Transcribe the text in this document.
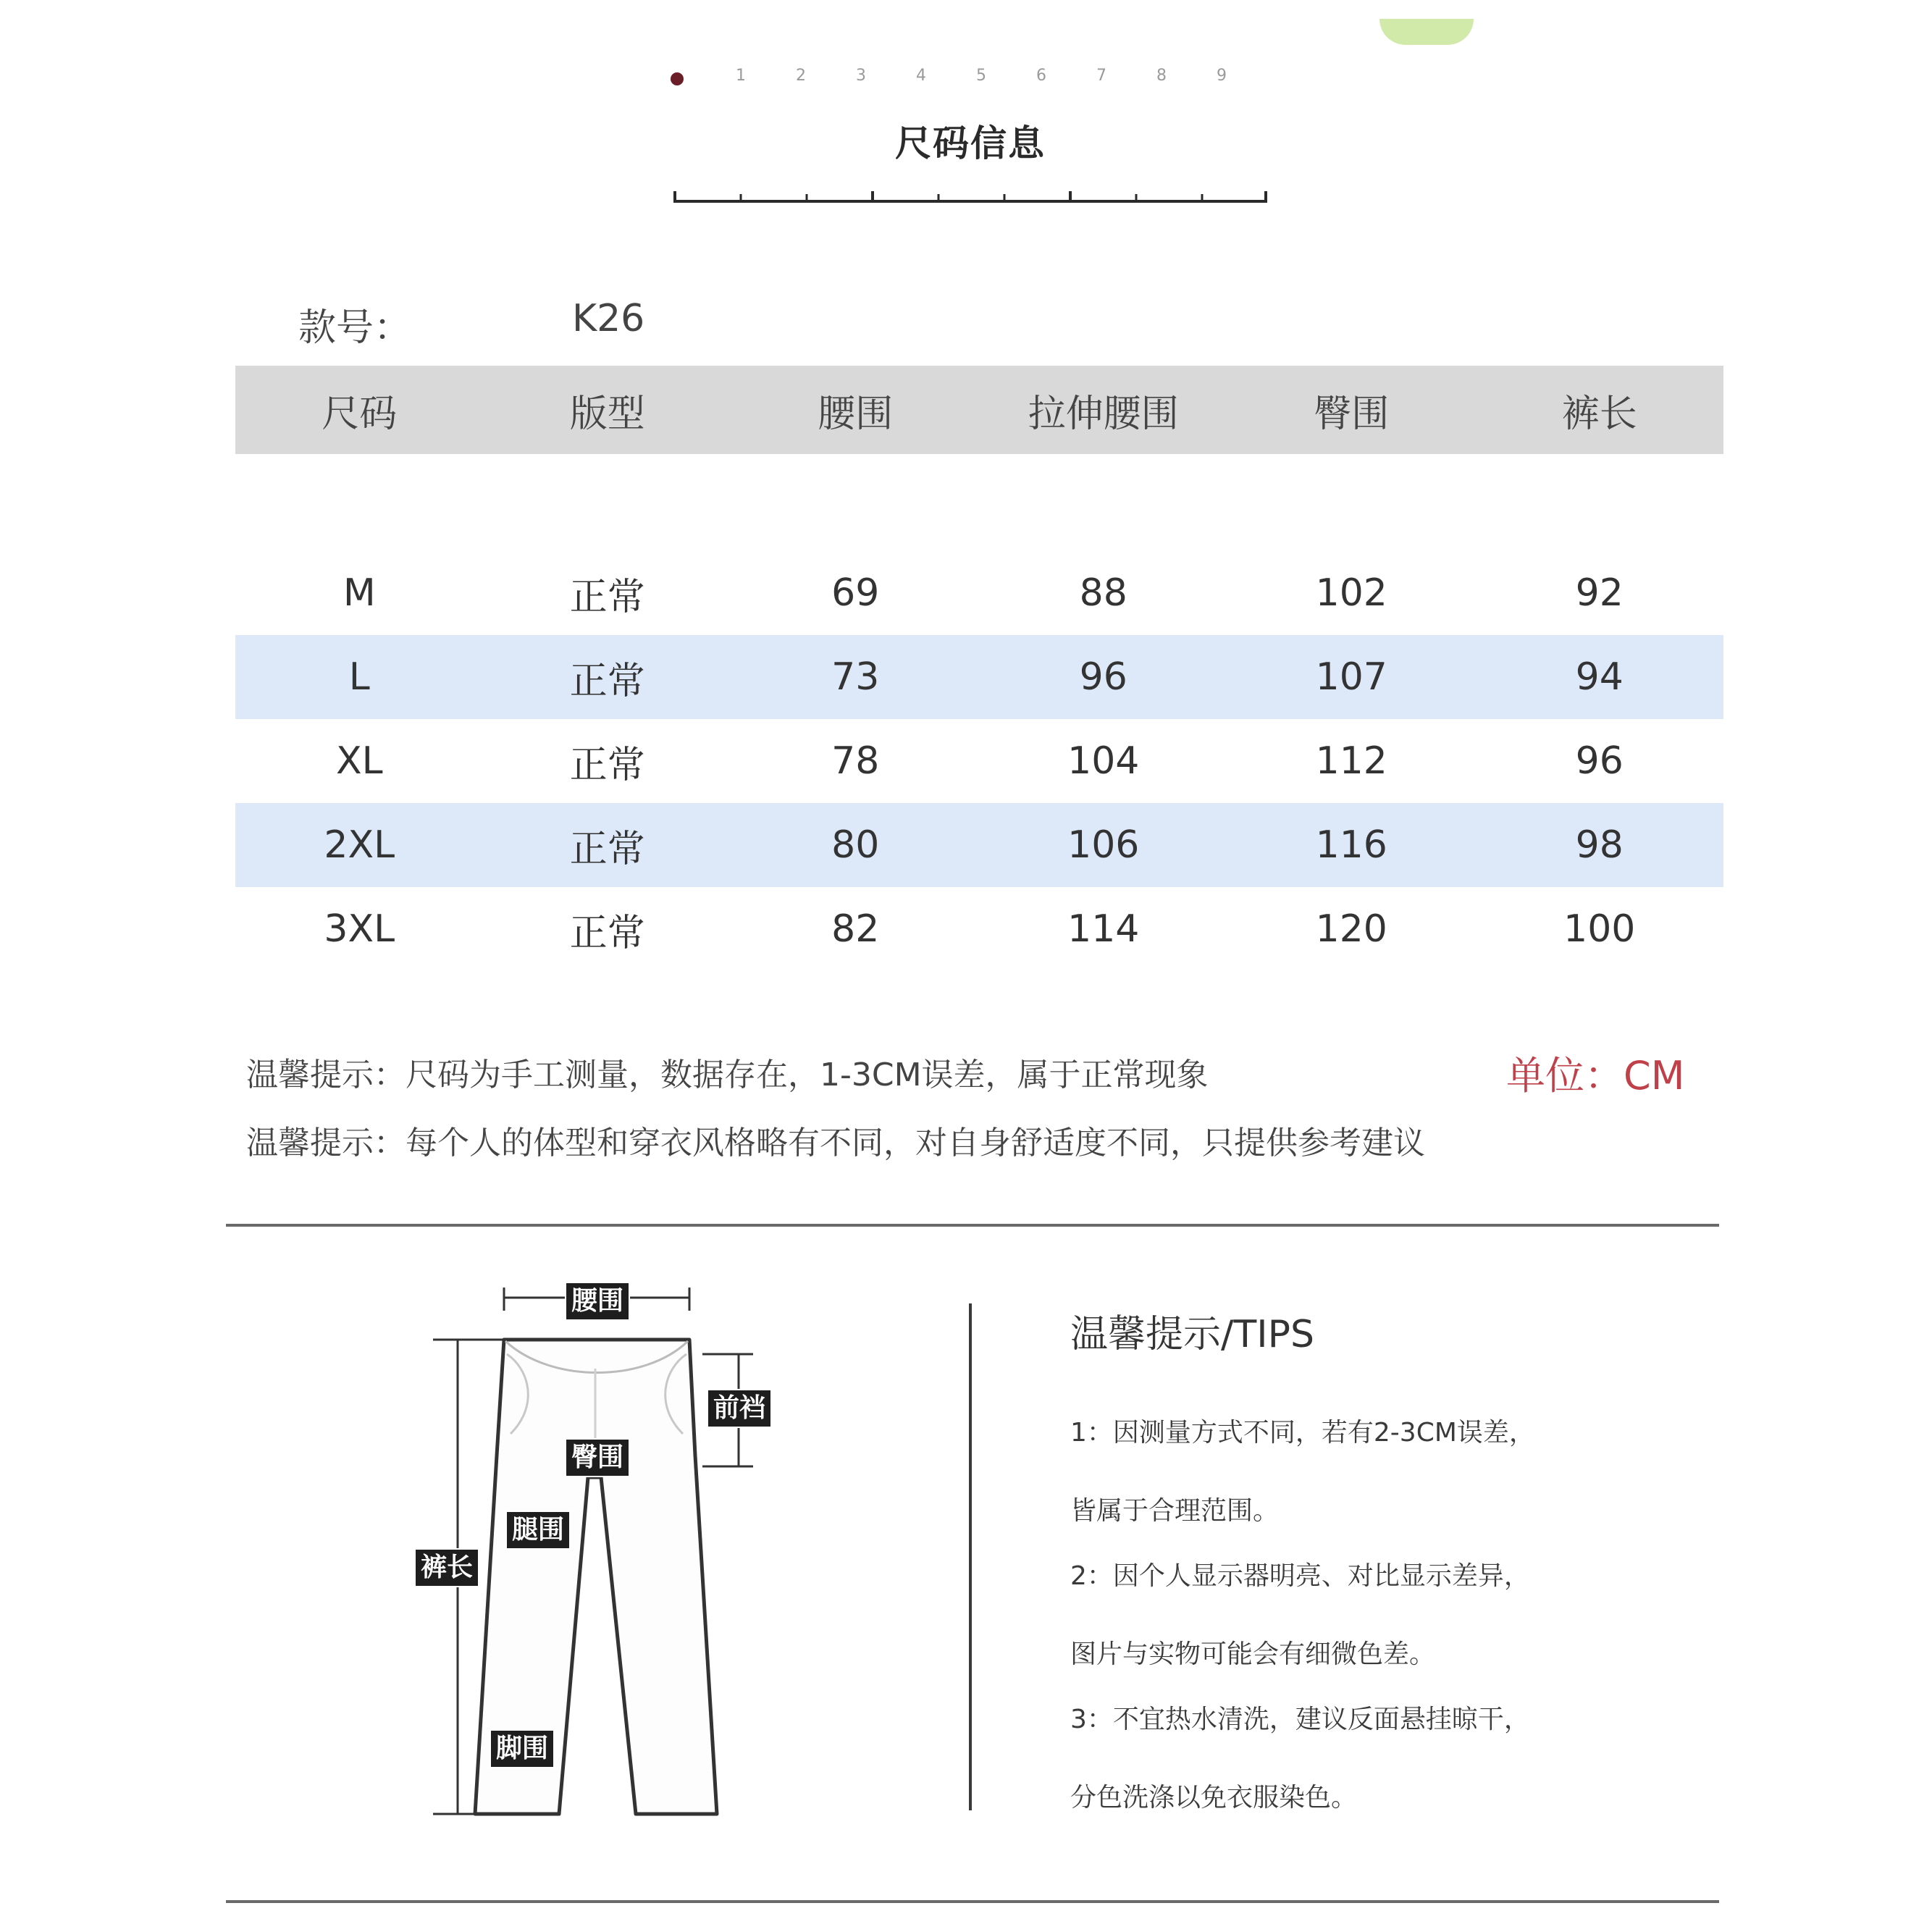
1	2	3	4	5	6	7	8	9
尺码信息
款号：	K26
尺码	版型	腰围	拉伸腰围	臀围	裤长
M	正常	69	88	102	92
L	正常	73	96	107	94
XL	正常	78	104	112	96
2XL	正常	80	106	116	98
3XL	正常	82	114	120	100
温馨提示：尺码为手工测量，数据存在，1-3CM误差，属于正常现象	单位：CM
温馨提示：每个人的体型和穿衣风格略有不同，对自身舒适度不同，只提供参考建议
腰围
前裆
臀围
腿围
裤长
脚围
温馨提示/TIPS
1：因测量方式不同，若有2-3CM误差，
皆属于合理范围。
2：因个人显示器明亮、对比显示差异，
图片与实物可能会有细微色差。
3：不宜热水清洗，建议反面悬挂晾干，
分色洗涤以免衣服染色。
